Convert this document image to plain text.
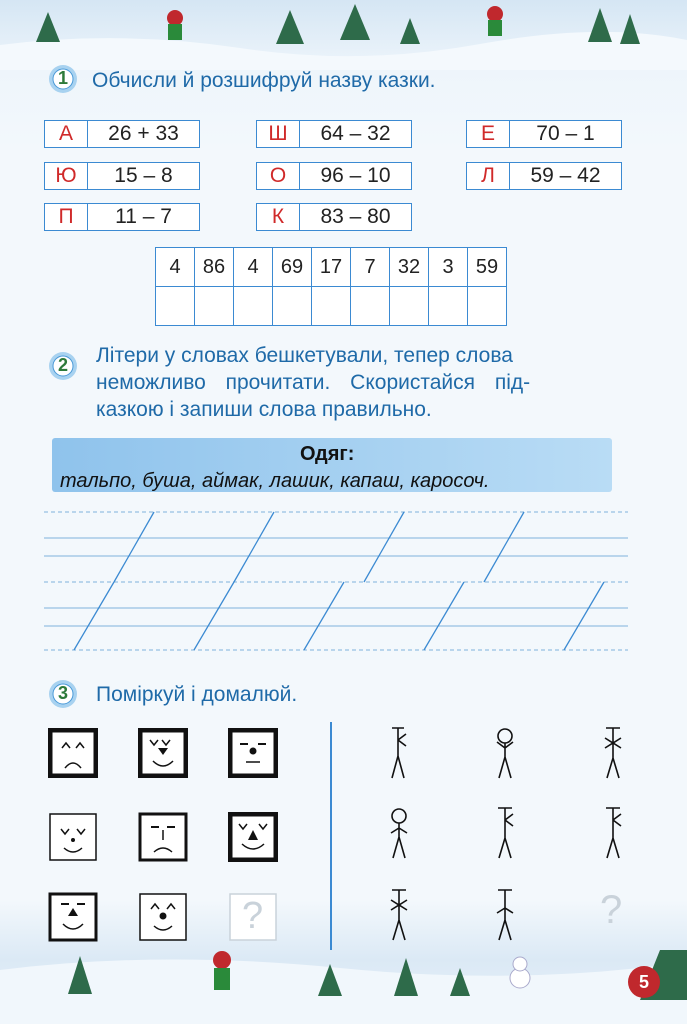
1 Обчисли й розшифруй назву казки.
А	26 + 33	Ш	64 – 32	Е	70 – 1
Ю	15 – 8	О	96 – 10	Л	59 – 42
П	11 – 7	К	83 – 80
4	86	4	69	17	7	32	3	59

2 Літери у словах бешкетували, тепер слова
неможливо прочитати. Скористайся під-
казкою і запиши слова правильно.
Одяг:
тальпо, буша, аймак, лашик, капаш, каросоч.
3 Поміркуй і домалюй.
?	?
5
